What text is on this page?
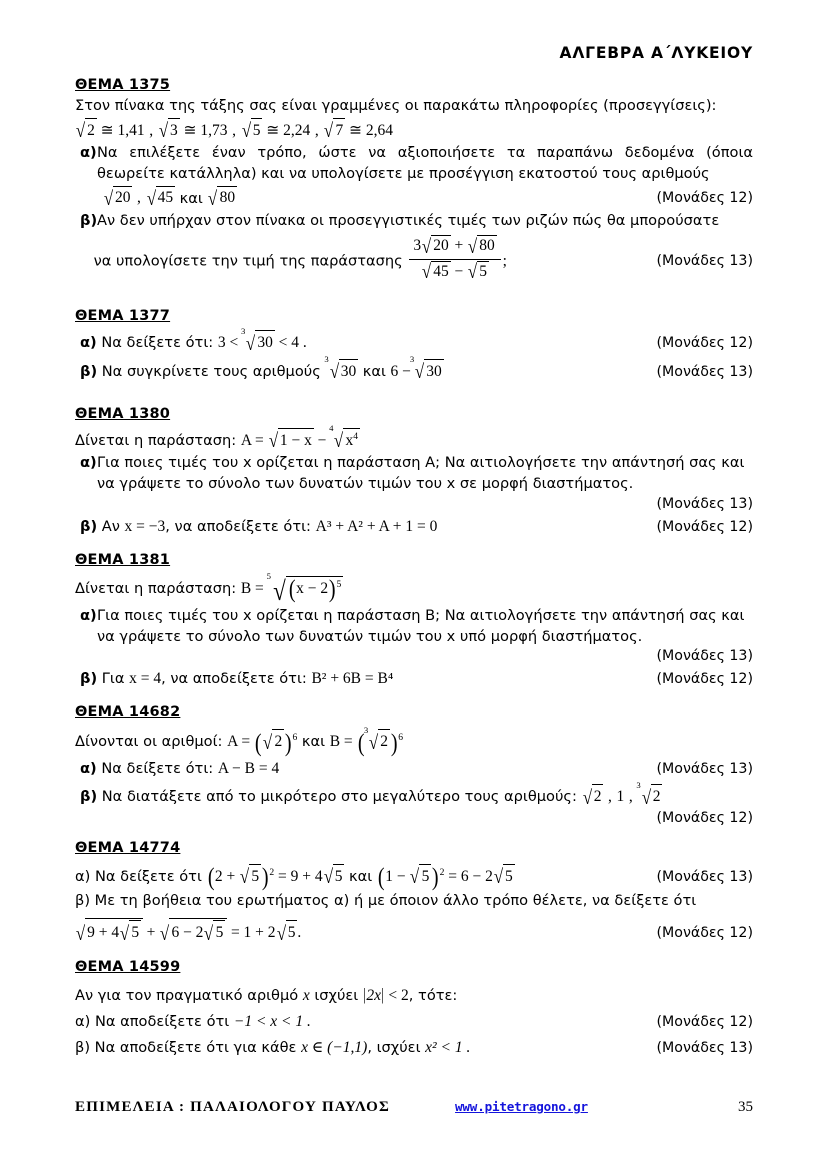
ΑΛΓΕΒΡΑ Α΄ΛΥΚΕΙΟΥ
ΘΕΜΑ 1375
Στον πίνακα της τάξης σας είναι γραμμένες οι παρακάτω πληροφορίες (προσεγγίσεις):
√ 2 ≅ 1,41 , √ 3 ≅ 1,73 , √ 5 ≅ 2,24 , √ 7 ≅ 2,64
α) Να επιλέξετε έναν τρόπο, ώστε να αξιοποιήσετε τα παραπάνω δεδομένα (όποια θεωρείτε κατάλληλα) και να υπολογίσετε με προσέγγιση εκατοστού τους αριθμούς
√ 20 , √ 45 και √ 80	(Μονάδες 12)
β) Αν δεν υπήρχαν στον πίνακα οι προσεγγιστικές τιμές των ριζών πώς θα μπορούσατε
να υπολογίσετε την τιμή της παράστασης $\frac{3√ 20 + √ 80}{√ 45 - √ 5}$ ;	(Μονάδες 13)
ΘΕΜΑ 1377
α) Να δείξετε ότι: 3 <
3
√ 30 < 4 .	(Μονάδες 12)
β) Να συγκρίνετε τους αριθμούς
3
√ 30 και 6 −
3
√ 30	(Μονάδες 13)
ΘΕΜΑ 1380
Δίνεται η παράσταση: A = √ 1 − x −
4
√ $x^4$
α) Για ποιες τιμές του x ορίζεται η παράσταση A; Να αιτιολογήσετε την απάντησή σας και να γράψετε το σύνολο των δυνατών τιμών του x σε μορφή διαστήματος.
(Μονάδες 13)
β) Αν x = −3, να αποδείξετε ότι: A³ + A² + A + 1 = 0	(Μονάδες 12)
ΘΕΜΑ 1381
Δίνεται η παράσταση: B =
5 √ $(x - 2)^5$
α) Για ποιες τιμές του x ορίζεται η παράσταση B; Να αιτιολογήσετε την απάντησή σας και να γράψετε το σύνολο των δυνατών τιμών του x υπό μορφή διαστήματος.
(Μονάδες 13)
β) Για x = 4, να αποδείξετε ότι: B² + 6B = B⁴	(Μονάδες 12)
ΘΕΜΑ 14682
Δίνονται οι αριθμοί: A = (√ 2 )$^6$ και B = (
3
√ 2 )$^6$
α) Να δείξετε ότι: A − B = 4	(Μονάδες 13)
β) Να διατάξετε από το μικρότερο στο μεγαλύτερο τους αριθμούς: √ 2 , 1 ,
3
√ 2
(Μονάδες 12)
ΘΕΜΑ 14774
α) Να δείξετε ότι (2 + √ 5 )$^2$ = 9 + 4√ 5 και (1 − √ 5 )$^2$ = 6 − 2√ 5	(Μονάδες 13)
β) Με τη βοήθεια του ερωτήματος α) ή με όποιον άλλο τρόπο θέλετε, να δείξετε ότι
√ 9 + 4√ 5 + √ 6 − 2√ 5 = 1 + 2√ 5 .	(Μονάδες 12)
ΘΕΜΑ 14599
Αν για τον πραγματικό αριθμό x ισχύει |2x| < 2, τότε:
α) Να αποδείξετε ότι −1 < x < 1 .	(Μονάδες 12)
β) Να αποδείξετε ότι για κάθε x ∈ (−1,1), ισχύει x² < 1 .	(Μονάδες 13)
ΕΠΙΜΕΛΕΙΑ : ΠΑΛΑΙΟΛΟΓΟΥ ΠΑΥΛΟΣ	www.pitetragono.gr	35
